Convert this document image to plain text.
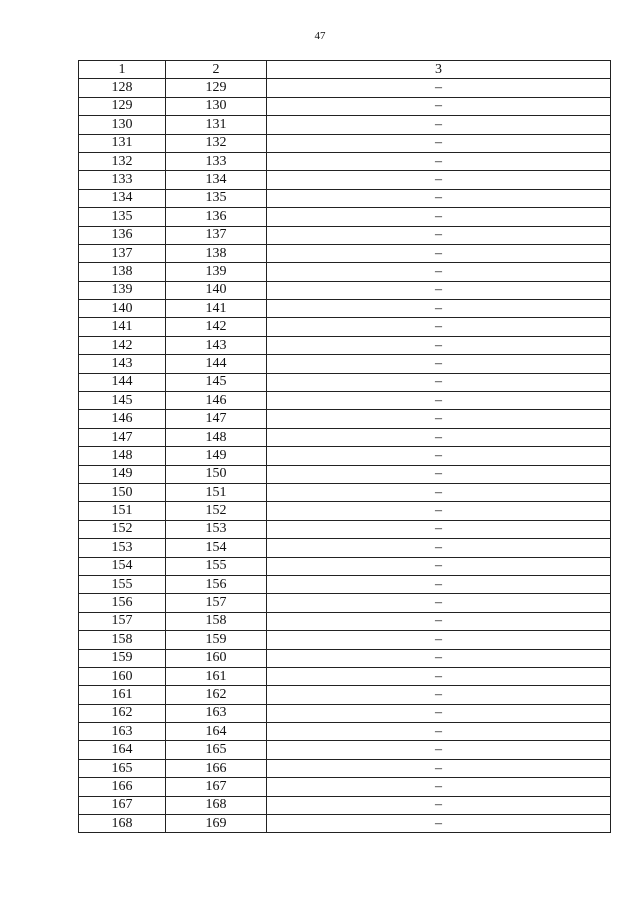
47
1	2	3
128	129	–
129	130	–
130	131	–
131	132	–
132	133	–
133	134	–
134	135	–
135	136	–
136	137	–
137	138	–
138	139	–
139	140	–
140	141	–
141	142	–
142	143	–
143	144	–
144	145	–
145	146	–
146	147	–
147	148	–
148	149	–
149	150	–
150	151	–
151	152	–
152	153	–
153	154	–
154	155	–
155	156	–
156	157	–
157	158	–
158	159	–
159	160	–
160	161	–
161	162	–
162	163	–
163	164	–
164	165	–
165	166	–
166	167	–
167	168	–
168	169	–
